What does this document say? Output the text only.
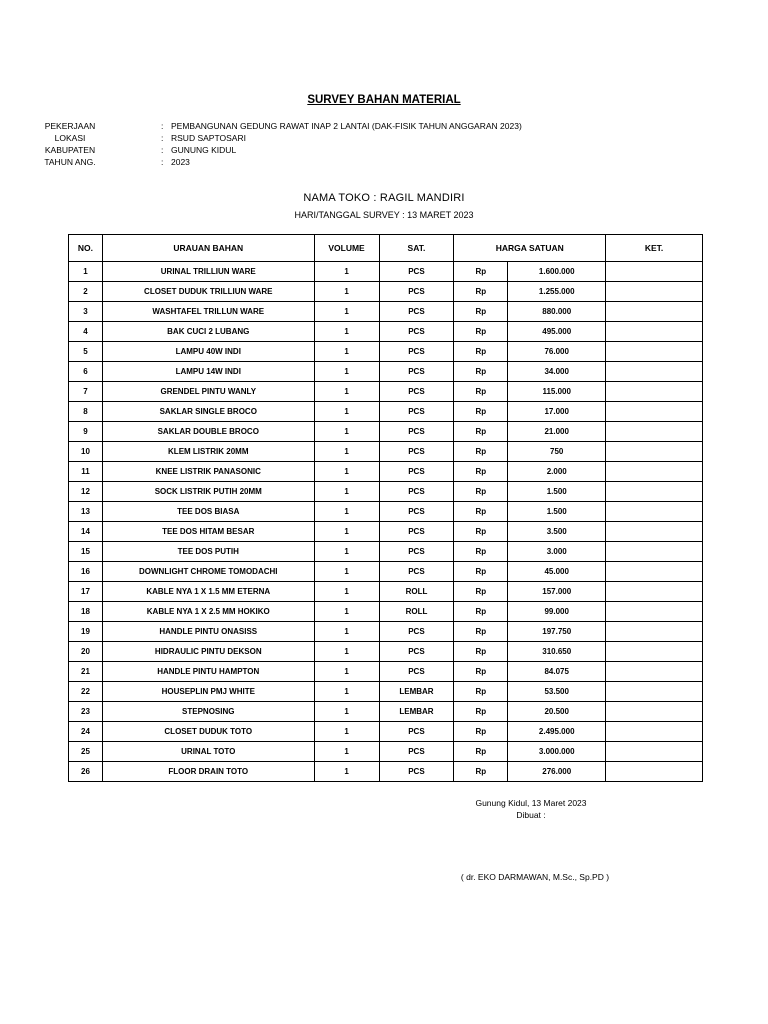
SURVEY BAHAN MATERIAL
PEKERJAAN	: PEMBANGUNAN GEDUNG RAWAT INAP 2 LANTAI (DAK-FISIK TAHUN ANGGARAN 2023)
LOKASI	: RSUD SAPTOSARI
KABUPATEN	: GUNUNG KIDUL
TAHUN ANG.	: 2023
NAMA TOKO : RAGIL MANDIRI
HARI/TANGGAL SURVEY : 13 MARET 2023
NO.	URAUAN BAHAN	VOLUME	SAT.	HARGA SATUAN		KET.
1	URINAL TRILLIUN WARE	1	PCS	Rp	1.600.000	
2	CLOSET DUDUK TRILLIUN WARE	1	PCS	Rp	1.255.000	
3	WASHTAFEL TRILLUN WARE	1	PCS	Rp	880.000	
4	BAK CUCI 2 LUBANG	1	PCS	Rp	495.000	
5	LAMPU 40W INDI	1	PCS	Rp	76.000	
6	LAMPU 14W INDI	1	PCS	Rp	34.000	
7	GRENDEL PINTU WANLY	1	PCS	Rp	115.000	
8	SAKLAR SINGLE BROCO	1	PCS	Rp	17.000	
9	SAKLAR DOUBLE BROCO	1	PCS	Rp	21.000	
10	KLEM LISTRIK 20MM	1	PCS	Rp	750	
11	KNEE LISTRIK PANASONIC	1	PCS	Rp	2.000	
12	SOCK LISTRIK PUTIH 20MM	1	PCS	Rp	1.500	
13	TEE DOS BIASA	1	PCS	Rp	1.500	
14	TEE DOS HITAM BESAR	1	PCS	Rp	3.500	
15	TEE DOS PUTIH	1	PCS	Rp	3.000	
16	DOWNLIGHT CHROME TOMODACHI	1	PCS	Rp	45.000	
17	KABLE NYA 1 X 1.5 MM ETERNA	1	ROLL	Rp	157.000	
18	KABLE NYA 1 X 2.5 MM HOKIKO	1	ROLL	Rp	99.000	
19	HANDLE PINTU ONASISS	1	PCS	Rp	197.750	
20	HIDRAULIC PINTU DEKSON	1	PCS	Rp	310.650	
21	HANDLE PINTU HAMPTON	1	PCS	Rp	84.075	
22	HOUSEPLIN PMJ WHITE	1	LEMBAR	Rp	53.500	
23	STEPNOSING	1	LEMBAR	Rp	20.500	
24	CLOSET DUDUK TOTO	1	PCS	Rp	2.495.000	
25	URINAL TOTO	1	PCS	Rp	3.000.000	
26	FLOOR DRAIN TOTO	1	PCS	Rp	276.000	
Gunung Kidul, 13 Maret 2023
Dibuat :
( dr. EKO DARMAWAN, M.Sc., Sp.PD )
